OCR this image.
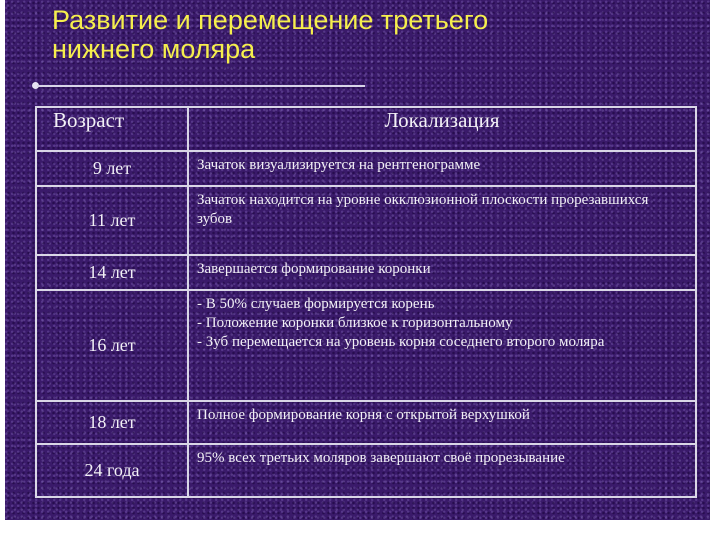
Развитие и перемещение третьего
нижнего моляра
Возраст	Локализация
9 лет	Зачаток визуализируется на рентгенограмме

11 лет	Зачаток находится на уровне окклюзионной плоскости прорезавшихся зубов

14 лет	Завершается формирование коронки

16 лет	- В 50% случаев формируется корень
- Положение коронки близкое к горизонтальному
- Зуб перемещается на уровень корня соседнего второго моляра

18 лет	Полное формирование корня с открытой верхушкой

24 года	95% всех третьих моляров завершают своё прорезывание
